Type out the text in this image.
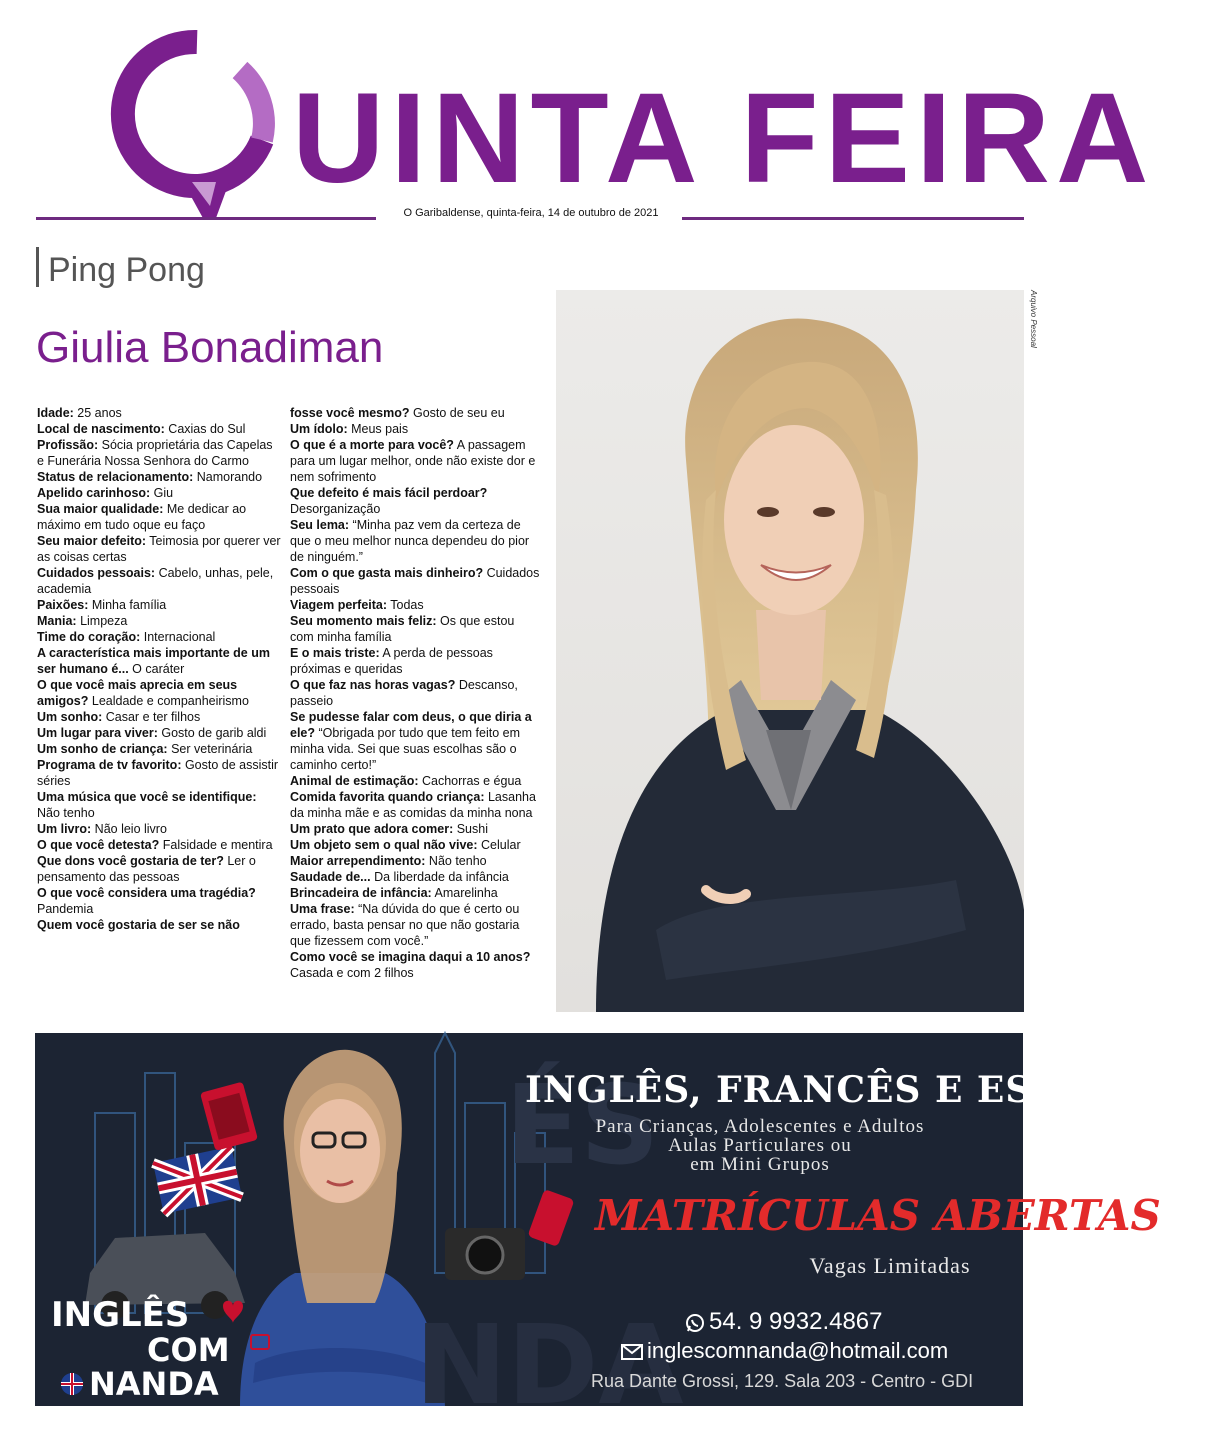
UINTA FEIRA
O Garibaldense, quinta-feira, 14 de outubro de 2021
Ping Pong
Giulia Bonadiman

Idade: 25 anos

Local de nascimento: Caxias do Sul

Profissão: Sócia proprietária das Capelas e Funerária Nossa Senhora do Carmo

Status de relacionamento: Namorando

Apelido carinhoso: Giu

Sua maior qualidade: Me dedicar ao máximo em tudo oque eu faço

Seu maior defeito: Teimosia por querer ver as coisas certas

Cuidados pessoais: Cabelo, unhas, pele, academia

Paixões: Minha família

Mania: Limpeza

Time do coração: Internacional

A característica mais importante de um ser humano é... O caráter

O que você mais aprecia em seus amigos? Lealdade e companheirismo

Um sonho: Casar e ter filhos

Um lugar para viver: Gosto de garib aldi

Um sonho de criança: Ser veterinária

Programa de tv favorito: Gosto de assistir séries

Uma música que você se identifique: Não tenho

Um livro: Não leio livro

O que você detesta? Falsidade e mentira

Que dons você gostaria de ter? Ler o pensamento das pessoas

O que você considera uma tragédia? Pandemia

Quem você gostaria de ser se não

fosse você mesmo? Gosto de seu eu

Um ídolo: Meus pais

O que é a morte para você? A passagem para um lugar melhor, onde não existe dor e nem sofrimento

Que defeito é mais fácil perdoar? Desorganização

Seu lema: “Minha paz vem da certeza de que o meu melhor nunca dependeu do pior de ninguém.”

Com o que gasta mais dinheiro? Cuidados pessoais

Viagem perfeita: Todas

Seu momento mais feliz: Os que estou com minha família

E o mais triste: A perda de pessoas próximas e queridas

O que faz nas horas vagas? Descanso, passeio

Se pudesse falar com deus, o que diria a ele? “Obrigada por tudo que tem feito em minha vida. Sei que suas escolhas são o caminho certo!”

Animal de estimação: Cachorras e égua

Comida favorita quando criança: Lasanha da minha mãe e as comidas da minha nona

Um prato que adora comer: Sushi

Um objeto sem o qual não vive: Celular

Maior arrependimento: Não tenho

Saudade de... Da liberdade da infância

Brincadeira de infância: Amarelinha

Uma frase: “Na dúvida do que é certo ou errado, basta pensar no que não gostaria que fizessem com você.”

Como você se imagina daqui a 10 anos? Casada e com 2 filhos

Arquivo Pessoal
ÉS
NDA
INGLÊS, FRANCÊS E ESPANHOL
Para Crianças, Adolescentes e Adultos
Aulas Particulares ou
em Mini Grupos
MATRÍCULAS ABERTAS
Vagas Limitadas
54. 9 9932.4867
inglescomnanda@hotmail.com
Rua Dante Grossi, 129. Sala 203 - Centro - GDI
INGLÊS
COM
NANDA
